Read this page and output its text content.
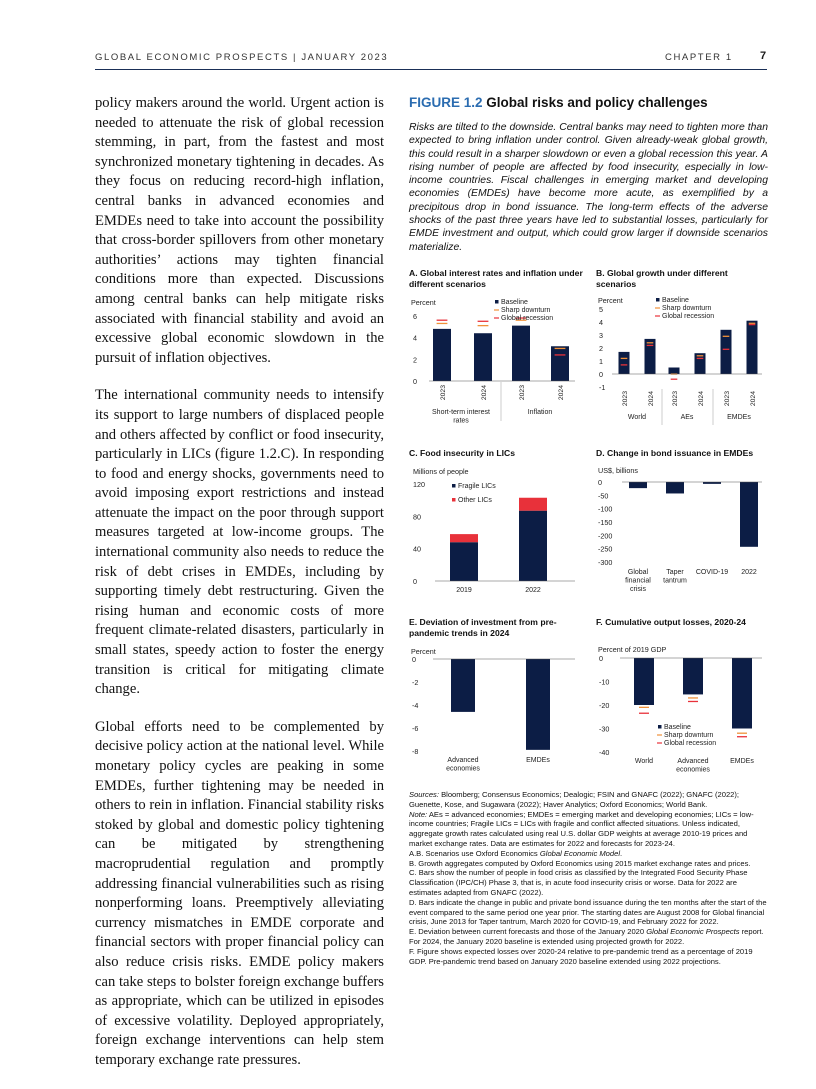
GLOBAL ECONOMIC PROSPECTS | JANUARY 2023	CHAPTER 1 7

policy makers around the world. Urgent action is needed to attenuate the risk of global recession stemming, in part, from the fastest and most synchronized monetary tightening in decades. As they focus on reducing record-high inflation, central banks in advanced economies and EMDEs need to take into account the possibility that cross-border spillovers from other monetary authorities’ actions may tighten financial conditions more than expected. Discussions among central banks can help mitigate risks associated with financial stability and avoid an excessive global economic slowdown in the pursuit of inflation objectives.

The international community needs to intensify its support to large numbers of displaced people and others affected by conflict or food insecurity, particularly in LICs (figure 1.2.C). In responding to food and energy shocks, governments need to avoid imposing export restrictions and instead attenuate the impact on the poor through support measures targeted at low-income groups. The international community also needs to reduce the risk of debt crises in EMDEs, including by supporting timely debt restructuring. Given the rising human and economic costs of more frequent climate-related disasters, particularly in small states, speedy action to foster the energy transition is critical for mitigating climate change.

Global efforts need to be complemented by decisive policy action at the national level. While monetary policy cycles are peaking in some EMDEs, further tightening may be needed in others to rein in inflation. Financial stability risks stoked by global and domestic policy tightening can be mitigated by strengthening macroprudential regulation and promptly addressing financial vulnerabilities such as rising nonperforming loans. Preemptively alleviating currency mismatches in EMDE corporate and financial sectors with proper financial policy can also reduce crisis risks. EMDE policy makers can take steps to bolster foreign exchange buffers as appropriate, which can be utilized in episodes of excessive volatility. Deployed appropriately, foreign exchange interventions can help stem temporary exchange rate pressures.

FIGURE 1.2 Global risks and policy challenges
Risks are tilted to the downside. Central banks may need to tighten more than expected to bring inflation under control. Given already-weak global growth, this could result in a sharper slowdown or even a global recession this year. A rising number of people are affected by food insecurity, especially in low-income countries. Fiscal challenges in emerging market and developing economies (EMDEs) have become more acute, as exemplified by a precipitous drop in bond issuance. The long-term effects of the adverse shocks of the past three years have led to substantial losses, particularly for EMDE investment and output, which could grow larger if downside scenarios materialize.
A. Global interest rates and inflation under different scenarios
B. Global growth under different scenarios
C. Food insecurity in LICs	D. Change in bond issuance in EMDEs
E. Deviation of investment from pre-pandemic trends in 2024
F. Cumulative output losses, 2020-24
Percent
0
2
4
6
2023	2024	2023	2024
Short-term interest
rates
Inflation
Baseline
Sharp downturn
Global recession
Percent
-1
0
1
2
3
4
5
2023	2024	2023	2024	2023	2024
World	AEs	EMDEs
Baseline
Sharp downturn
Global recession
Millions of people
0
40
80
120
2019	2022
Fragile LICs
Other LICs
US$, billions
0
-50
-100
-150
-200
-250
-300
Global
financial
crisis
Taper
tantrum
COVID-19 2022
Percent
0
-2
-4
-6
-8
Advanced
economies
EMDEs
Percent of 2019 GDP
0
-10
-20
-30
-40
World	Advanced
economies
EMDEs
Baseline
Sharp downturn
Global recession

Sources: Bloomberg; Consensus Economics; Dealogic; FSIN and GNAFC (2022); GNAFC (2022); Guenette, Kose, and Sugawara (2022); Haver Analytics; Oxford Economics; World Bank.

Note: AEs = advanced economies; EMDEs = emerging market and developing economies; LICs = low-income countries; Fragile LICs = LICs with fragile and conflict affected situations. Unless indicated, aggregate growth rates calculated using real U.S. dollar GDP weights at average 2010-19 prices and market exchange rates. Data are estimates for 2022 and forecasts for 2023-24.

A.B. Scenarios use Oxford Economics Global Economic Model.

B. Growth aggregates computed by Oxford Economics using 2015 market exchange rates and prices.

C. Bars show the number of people in food crisis as classified by the Integrated Food Security Phase Classification (IPC/CH) Phase 3, that is, in acute food insecurity crisis or worse. Data for 2022 are estimates adapted from GNAFC (2022).

D. Bars indicate the change in public and private bond issuance during the ten months after the start of the event compared to the same period one year prior. The starting dates are August 2008 for Global financial crisis, June 2013 for Taper tantrum, March 2020 for COVID-19, and February 2022 for 2022.

E. Deviation between current forecasts and those of the January 2020 Global Economic Prospects report. For 2024, the January 2020 baseline is extended using projected growth for 2022.

F. Figure shows expected losses over 2020-24 relative to pre-pandemic trend as a percentage of 2019 GDP. Pre-pandemic trend based on January 2020 baseline extended using 2022 projections.
